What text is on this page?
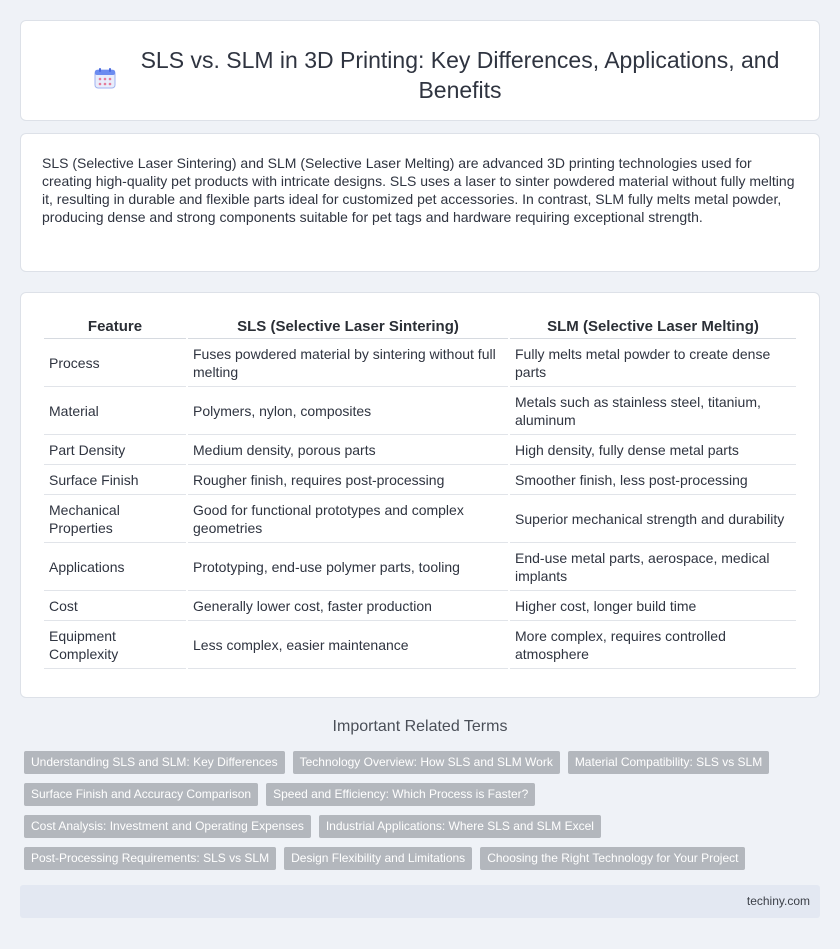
SLS vs. SLM in 3D Printing: Key Differences, Applications, and Benefits

SLS (Selective Laser Sintering) and SLM (Selective Laser Melting) are advanced 3D printing technologies used for creating high-quality pet products with intricate designs. SLS uses a laser to sinter powdered material without fully melting it, resulting in durable and flexible parts ideal for customized pet accessories. In contrast, SLM fully melts metal powder, producing dense and strong components suitable for pet tags and hardware requiring exceptional strength.

Feature	SLS (Selective Laser Sintering)	SLM (Selective Laser Melting)
Process	Fuses powdered material by sintering without full melting	Fully melts metal powder to create dense parts
Material	Polymers, nylon, composites	Metals such as stainless steel, titanium, aluminum
Part Density	Medium density, porous parts	High density, fully dense metal parts
Surface Finish	Rougher finish, requires post-processing	Smoother finish, less post-processing
Mechanical Properties	Good for functional prototypes and complex geometries	Superior mechanical strength and durability
Applications	Prototyping, end-use polymer parts, tooling	End-use metal parts, aerospace, medical implants
Cost	Generally lower cost, faster production	Higher cost, longer build time
Equipment Complexity	Less complex, easier maintenance	More complex, requires controlled atmosphere
Important Related Terms
Understanding SLS and SLM: Key Differences	Technology Overview: How SLS and SLM Work	Material Compatibility: SLS vs SLM
Surface Finish and Accuracy Comparison	Speed and Efficiency: Which Process is Faster?
Cost Analysis: Investment and Operating Expenses	Industrial Applications: Where SLS and SLM Excel
Post-Processing Requirements: SLS vs SLM	Design Flexibility and Limitations	Choosing the Right Technology for Your Project
techiny.com
